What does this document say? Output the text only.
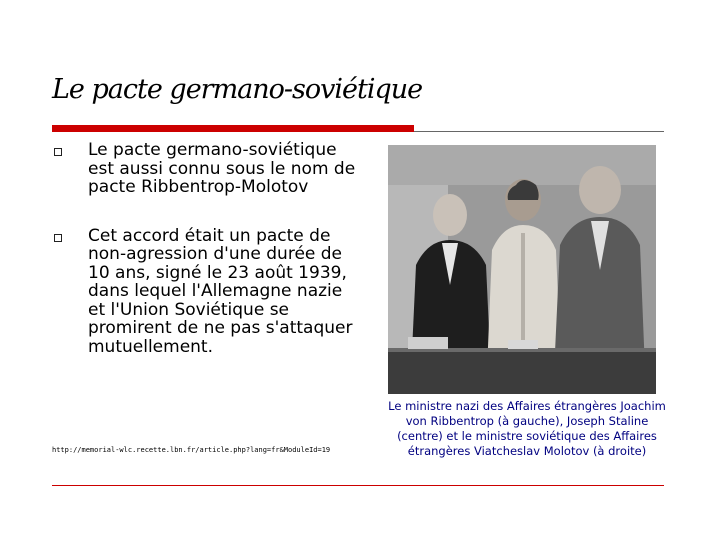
Le pacte germano-soviétique
Le pacte germano-soviétique est aussi connu sous le nom de pacte Ribbentrop-Molotov
Cet accord était un pacte de non-agression d'une durée de 10 ans, signé le 23 août 1939, dans lequel l'Allemagne nazie et l'Union Soviétique se promirent de ne pas s'attaquer mutuellement.
http://memorial-wlc.recette.lbn.fr/article.php?lang=fr&ModuleId=19

Le ministre nazi des Affaires étrangères Joachim von Ribbentrop (à gauche), Joseph Staline (centre) et le ministre soviétique des Affaires étrangères Viatcheslav Molotov (à droite)
